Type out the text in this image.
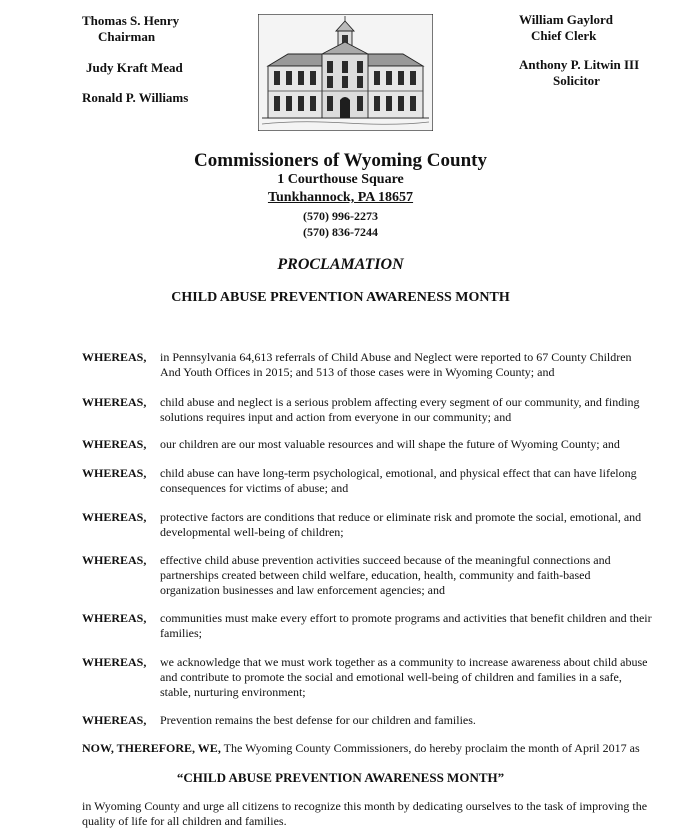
Thomas S. Henry
Chairman
Judy Kraft Mead
Ronald P. Williams
William Gaylord
Chief Clerk
Anthony P. Litwin III
Solicitor
Commissioners of Wyoming County
1 Courthouse Square
Tunkhannock, PA 18657
(570) 996-2273
(570) 836-7244
PROCLAMATION
CHILD ABUSE PREVENTION AWARENESS MONTH
WHEREAS, in Pennsylvania 64,613 referrals of Child Abuse and Neglect were reported to 67 County Children
And Youth Offices in 2015; and 513 of those cases were in Wyoming County; and
WHEREAS, child abuse and neglect is a serious problem affecting every segment of our community, and finding
solutions requires input and action from everyone in our community; and
WHEREAS, our children are our most valuable resources and will shape the future of Wyoming County; and
WHEREAS, child abuse can have long-term psychological, emotional, and physical effect that can have lifelong
consequences for victims of abuse; and
WHEREAS, protective factors are conditions that reduce or eliminate risk and promote the social, emotional, and
developmental well-being of children;
WHEREAS, effective child abuse prevention activities succeed because of the meaningful connections and
partnerships created between child welfare, education, health, community and faith-based
organization businesses and law enforcement agencies; and
WHEREAS, communities must make every effort to promote programs and activities that benefit children and their
families;
WHEREAS, we acknowledge that we must work together as a community to increase awareness about child abuse
and contribute to promote the social and emotional well-being of children and families in a safe,
stable, nurturing environment;
WHEREAS, Prevention remains the best defense for our children and families.
NOW, THEREFORE, WE, The Wyoming County Commissioners, do hereby proclaim the month of April 2017 as
“CHILD ABUSE PREVENTION AWARENESS MONTH”
in Wyoming County and urge all citizens to recognize this month by dedicating ourselves to the task of improving the
quality of life for all children and families.
